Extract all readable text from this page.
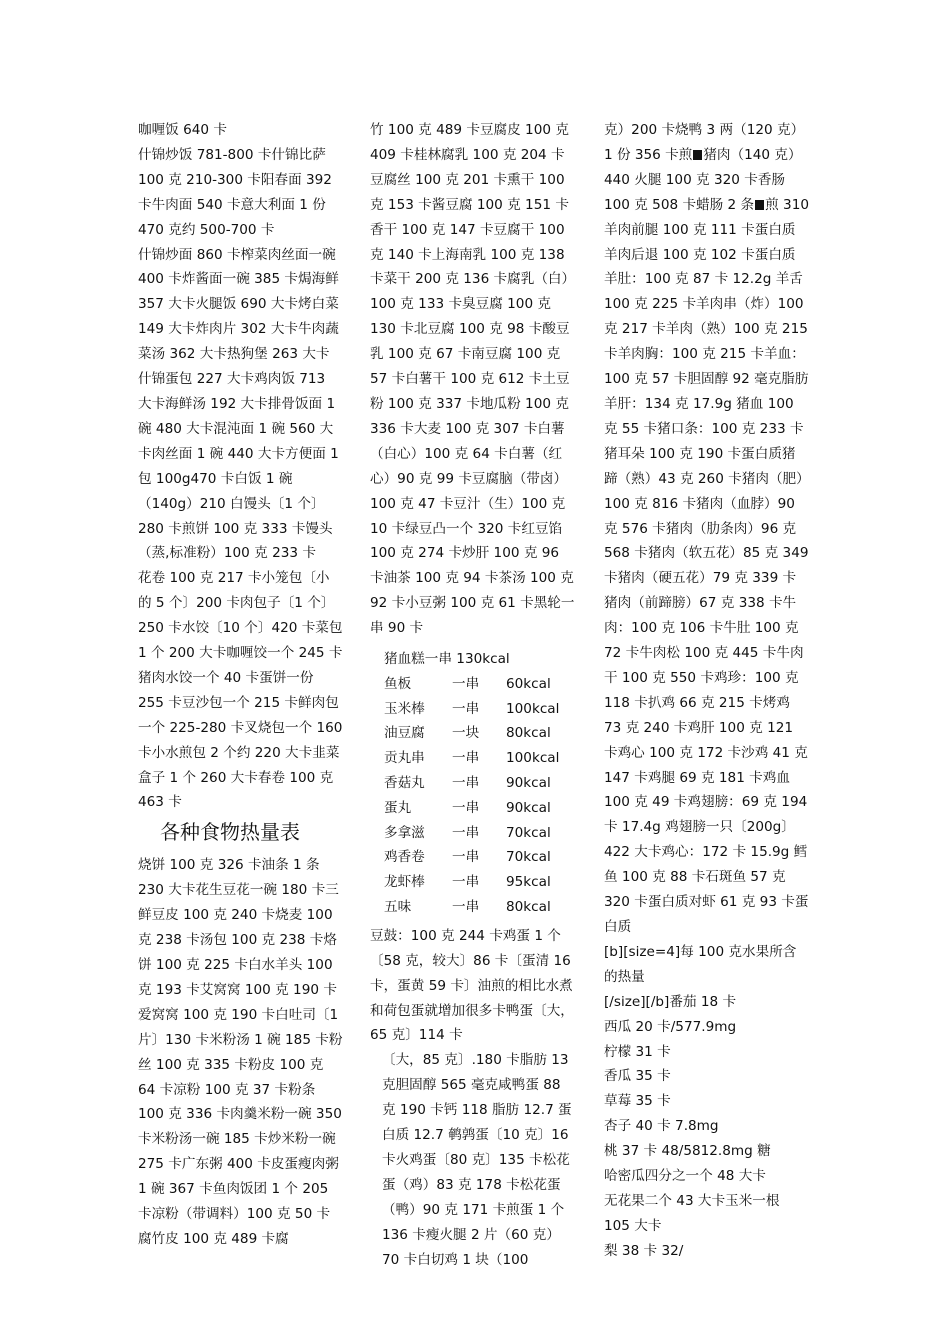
咖喱饭 640 卡

什锦炒饭 781-800 卡什锦比萨 100 克 210-300 卡阳春面 392 卡牛肉面 540 卡意大利面 1 份 470 克约 500-700 卡

什锦炒面 860 卡榨菜肉丝面一碗 400 卡炸酱面一碗 385 卡焗海鲜 357 大卡火腿饭 690 大卡烤白菜 149 大卡炸肉片 302 大卡牛肉蔬菜汤 362 大卡热狗堡 263 大卡什锦蛋包 227 大卡鸡肉饭 713 大卡海鲜汤 192 大卡排骨饭面 1 碗 480 大卡混沌面 1 碗 560 大卡肉丝面 1 碗 440 大卡方便面 1 包 100g470 卡白饭 1 碗（140g）210 白馒头〔1 个〕280 卡煎饼 100 克 333 卡馒头（蒸,标准粉）100 克 233 卡

花卷 100 克 217 卡小笼包〔小的 5 个〕200 卡肉包子〔1 个〕250 卡水饺〔10 个〕420 卡菜包 1 个 200 大卡咖喱饺一个 245 卡猪肉水饺一个 40 卡蛋饼一份 255 卡豆沙包一个 215 卡鲜肉包一个 225-280 卡叉烧包一个 160 卡小水煎包 2 个约 220 大卡韭菜盒子 1 个 260 大卡春卷 100 克 463 卡

各种食物热量表

烧饼 100 克 326 卡油条 1 条 230 大卡花生豆花一碗 180 卡三鲜豆皮 100 克 240 卡烧麦 100 克 238 卡汤包 100 克 238 卡烙饼 100 克 225 卡白水羊头 100 克 193 卡艾窝窝 100 克 190 卡爱窝窝 100 克 190 卡白吐司〔1 片〕130 卡米粉汤 1 碗 185 卡粉丝 100 克 335 卡粉皮 100 克 64 卡凉粉 100 克 37 卡粉条 100 克 336 卡肉羹米粉一碗 350 卡米粉汤一碗 185 卡炒米粉一碗 275 卡广东粥 400 卡皮蛋瘦肉粥 1 碗 367 卡鱼肉饭团 1 个 205 卡凉粉（带调料）100 克 50 卡腐竹皮 100 克 489 卡腐

竹 100 克 489 卡豆腐皮 100 克 409 卡桂林腐乳 100 克 204 卡豆腐丝 100 克 201 卡熏干 100 克 153 卡酱豆腐 100 克 151 卡香干 100 克 147 卡豆腐干 100 克 140 卡上海南乳 100 克 138 卡菜干 200 克 136 卡腐乳（白）100 克 133 卡臭豆腐 100 克 130 卡北豆腐 100 克 98 卡酸豆乳 100 克 67 卡南豆腐 100 克 57 卡白薯干 100 克 612 卡土豆粉 100 克 337 卡地瓜粉 100 克 336 卡大麦 100 克 307 卡白薯（白心）100 克 64 卡白薯（红心）90 克 99 卡豆腐脑（带卤）100 克 47 卡豆汁（生）100 克 10 卡绿豆凸一个 320 卡红豆馅 100 克 274 卡炒肝 100 克 96 卡油茶 100 克 94 卡茶汤 100 克 92 卡小豆粥 100 克 61 卡黑轮一串 90 卡

猪血糕一串 130kcal
鱼板	一串	60kcal
玉米棒	一串	100kcal
油豆腐	一块	80kcal
贡丸串	一串	100kcal
香菇丸	一串	90kcal
蛋丸	一串	90kcal
多拿滋	一串	70kcal
鸡香卷	一串	70kcal
龙虾棒	一串	95kcal
五味	一串	80kcal

豆鼓：100 克 244 卡鸡蛋 1 个〔58 克，较大〕86 卡〔蛋清 16 卡，蛋黄 59 卡〕油煎的相比水煮和荷包蛋就增加很多卡鸭蛋〔大，65 克〕114 卡

〔大，85 克〕.180 卡脂肪 13 克胆固醇 565 毫克咸鸭蛋 88 克 190 卡钙 118 脂肪 12.7 蛋白质 12.7 鹌鹑蛋〔10 克〕16 卡火鸡蛋〔80 克〕135 卡松花蛋（鸡）83 克 178 卡松花蛋（鸭）90 克 171 卡煎蛋 1 个 136 卡瘦火腿 2 片（60 克）70 卡白切鸡 1 块（100

克）200 卡烧鸭 3 两（120 克）1 份 356 卡煎 猪肉（140 克）440 火腿 100 克 320 卡香肠 100 克 508 卡蜡肠 2 条 煎 310 羊肉前腿 100 克 111 卡蛋白质

羊肉后退 100 克 102 卡蛋白质羊肚：100 克 87 卡 12.2g 羊舌 100 克 225 卡羊肉串（炸）100 克 217 卡羊肉（熟）100 克 215 卡羊肉胸：100 克 215 卡羊血：100 克 57 卡胆固醇 92 毫克脂肪羊肝：134 克 17.9g 猪血 100 克 55 卡猪口条：100 克 233 卡猪耳朵 100 克 190 卡蛋白质猪蹄（熟）43 克 260 卡猪肉（肥）100 克 816 卡猪肉（血脖）90 克 576 卡猪肉（肋条肉）96 克 568 卡猪肉（软五花）85 克 349 卡猪肉（硬五花）79 克 339 卡猪肉（前蹄膀）67 克 338 卡牛肉：100 克 106 卡牛肚 100 克 72 卡牛肉松 100 克 445 卡牛肉干 100 克 550 卡鸡珍：100 克 118 卡扒鸡 66 克 215 卡烤鸡 73 克 240 卡鸡肝 100 克 121 卡鸡心 100 克 172 卡沙鸡 41 克 147 卡鸡腿 69 克 181 卡鸡血 100 克 49 卡鸡翅膀：69 克 194 卡 17.4g 鸡翅膀一只〔200g〕422 大卡鸡心：172 卡 15.9g 鳕鱼 100 克 88 卡石斑鱼 57 克 320 卡蛋白质对虾 61 克 93 卡蛋白质

[b][size=4]每 100 克水果所含的热量

[/size][/b]番茄 18 卡

西瓜 20 卡/577.9mg

柠檬 31 卡

香瓜 35 卡

草莓 35 卡

杏子 40 卡 7.8mg

桃 37 卡 48/5812.8mg 糖

哈密瓜四分之一个 48 大卡

无花果二个 43 大卡玉米一根 105 大卡

梨 38 卡 32/
